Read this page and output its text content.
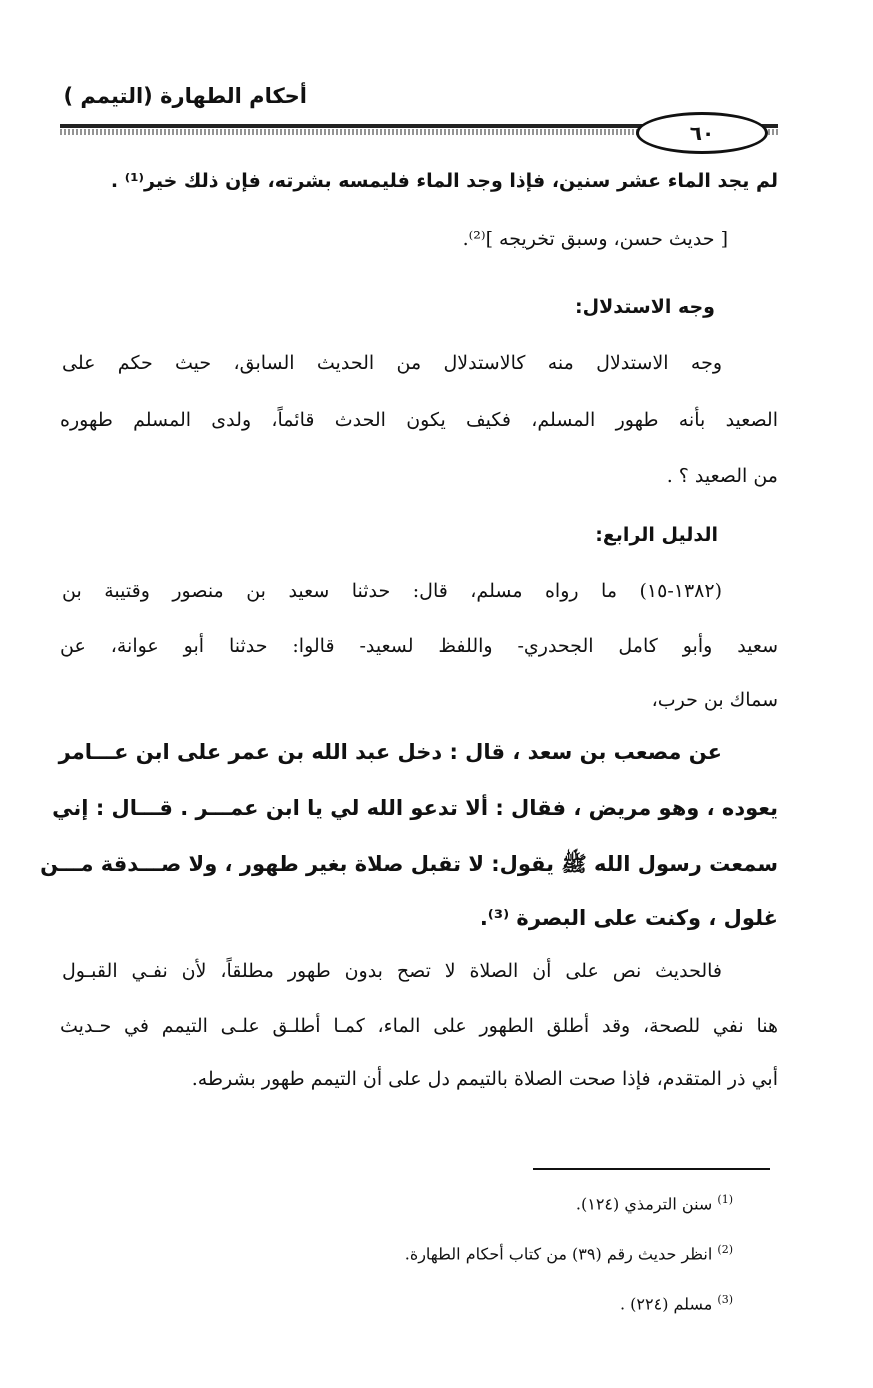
أحكام الطهارة (التيمم )
٦٠
لم يجد الماء عشر سنين، فإذا وجد الماء فليمسه بشرته، فإن ذلك خير⁽¹⁾ .
[ حديث حسن، وسبق تخريجه ]⁽²⁾.
وجه الاستدلال:
وجه الاستدلال منه كالاستدلال من الحديث السابق، حيث حكم على
الصعيد بأنه طهور المسلم، فكيف يكون الحدث قائماً، ولدى المسلم طهوره
من الصعيد ؟ .
الدليل الرابع:
(١٣٨٢-١٥) ما رواه مسلم، قال: حدثنا سعيد بن منصور وقتيبة بن
سعيد وأبو كامل الجحدري- واللفظ لسعيد- قالوا: حدثنا أبو عوانة، عن
سماك بن حرب،
عن مصعب بن سعد ، قال : دخل عبد الله بن عمر على ابن عـــامر
يعوده ، وهو مريض ، فقال : ألا تدعو الله لي يا ابن عمـــر . قـــال : إني
سمعت رسول الله ﷺ يقول: لا تقبل صلاة بغير طهور ، ولا صـــدقة مـــن
غلول ، وكنت على البصرة ⁽³⁾.
فالحديث نص على أن الصلاة لا تصح بدون طهور مطلقاً، لأن نفـي القبـول
هنا نفي للصحة، وقد أطلق الطهور على الماء، كمـا أطلـق علـى التيمم في حـديث
أبي ذر المتقدم، فإذا صحت الصلاة بالتيمم دل على أن التيمم طهور بشرطه.
$^{(1)}$ سنن الترمذي (١٢٤).
$^{(2)}$ انظر حديث رقم (٣٩) من كتاب أحكام الطهارة.
$^{(3)}$ مسلم (٢٢٤) .
